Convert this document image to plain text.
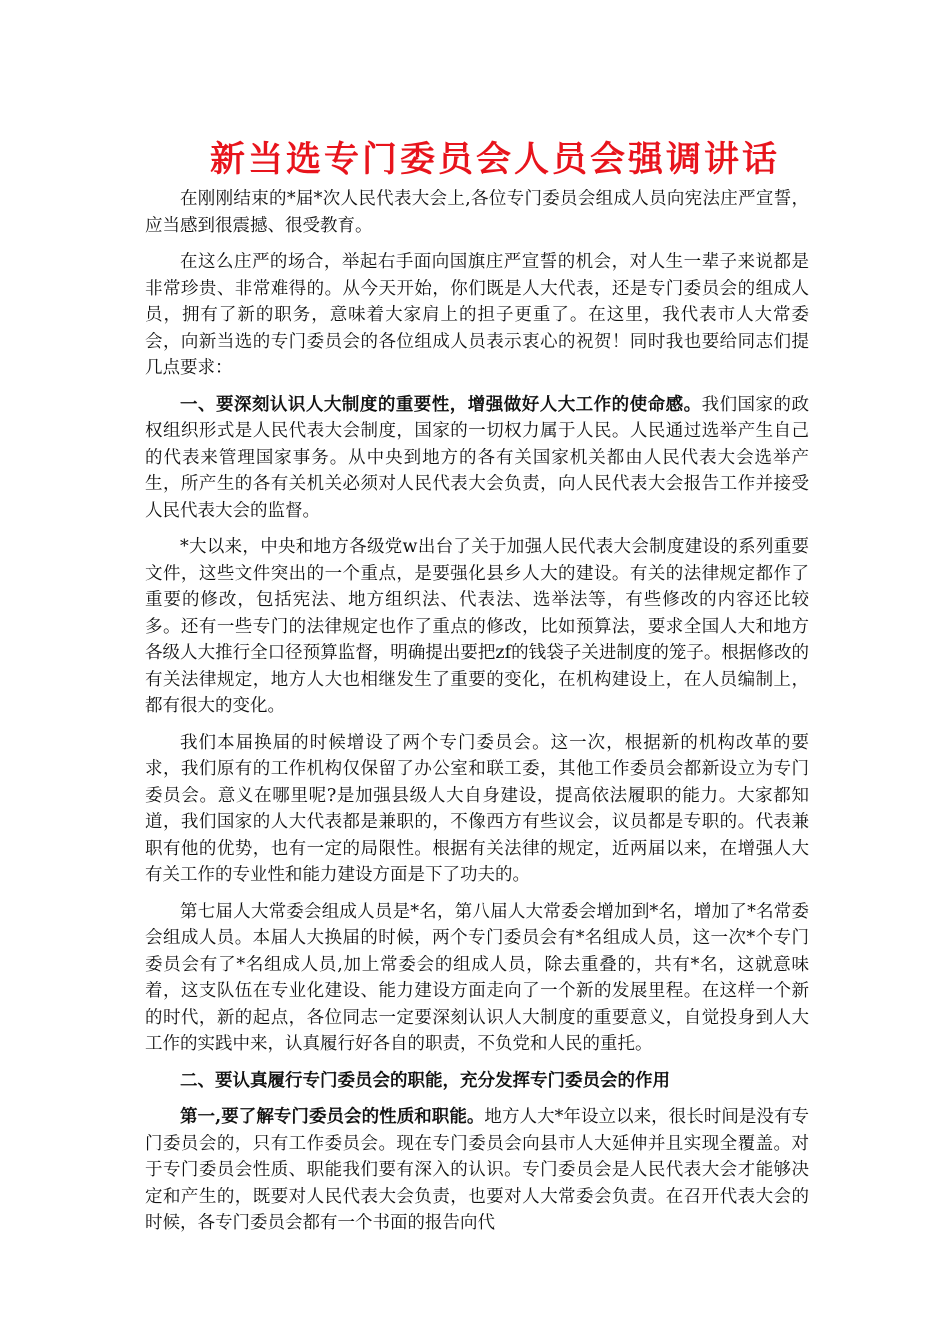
新当选专门委员会人员会强调讲话

在刚刚结束的*届*次人民代表大会上,各位专门委员会组成人员向宪法庄严宣誓，应当感到很震撼、很受教育。

在这么庄严的场合，举起右手面向国旗庄严宣誓的机会，对人生一辈子来说都是非常珍贵、非常难得的。从今天开始，你们既是人大代表，还是专门委员会的组成人员，拥有了新的职务，意味着大家肩上的担子更重了。在这里，我代表市人大常委会，向新当选的专门委员会的各位组成人员表示衷心的祝贺！同时我也要给同志们提几点要求：

一、要深刻认识人大制度的重要性，增强做好人大工作的使命感。我们国家的政权组织形式是人民代表大会制度，国家的一切权力属于人民。人民通过选举产生自己的代表来管理国家事务。从中央到地方的各有关国家机关都由人民代表大会选举产生，所产生的各有关机关必须对人民代表大会负责，向人民代表大会报告工作并接受人民代表大会的监督。

*大以来，中央和地方各级党w出台了关于加强人民代表大会制度建设的系列重要文件，这些文件突出的一个重点，是要强化县乡人大的建设。有关的法律规定都作了重要的修改，包括宪法、地方组织法、代表法、选举法等，有些修改的内容还比较多。还有一些专门的法律规定也作了重点的修改，比如预算法，要求全国人大和地方各级人大推行全口径预算监督，明确提出要把zf的钱袋子关进制度的笼子。根据修改的有关法律规定，地方人大也相继发生了重要的变化，在机构建设上，在人员编制上，都有很大的变化。

我们本届换届的时候增设了两个专门委员会。这一次，根据新的机构改革的要求，我们原有的工作机构仅保留了办公室和联工委，其他工作委员会都新设立为专门委员会。意义在哪里呢?是加强县级人大自身建设，提高依法履职的能力。大家都知道，我们国家的人大代表都是兼职的，不像西方有些议会，议员都是专职的。代表兼职有他的优势，也有一定的局限性。根据有关法律的规定，近两届以来，在增强人大有关工作的专业性和能力建设方面是下了功夫的。

第七届人大常委会组成人员是*名，第八届人大常委会增加到*名，增加了*名常委会组成人员。本届人大换届的时候，两个专门委员会有*名组成人员，这一次*个专门委员会有了*名组成人员,加上常委会的组成人员，除去重叠的，共有*名，这就意味着，这支队伍在专业化建设、能力建设方面走向了一个新的发展里程。在这样一个新的时代，新的起点，各位同志一定要深刻认识人大制度的重要意义，自觉投身到人大工作的实践中来，认真履行好各自的职责，不负党和人民的重托。

二、要认真履行专门委员会的职能，充分发挥专门委员会的作用

第一,要了解专门委员会的性质和职能。地方人大*年设立以来，很长时间是没有专门委员会的，只有工作委员会。现在专门委员会向县市人大延伸并且实现全覆盖。对于专门委员会性质、职能我们要有深入的认识。专门委员会是人民代表大会才能够决定和产生的，既要对人民代表大会负责，也要对人大常委会负责。在召开代表大会的时候，各专门委员会都有一个书面的报告向代
